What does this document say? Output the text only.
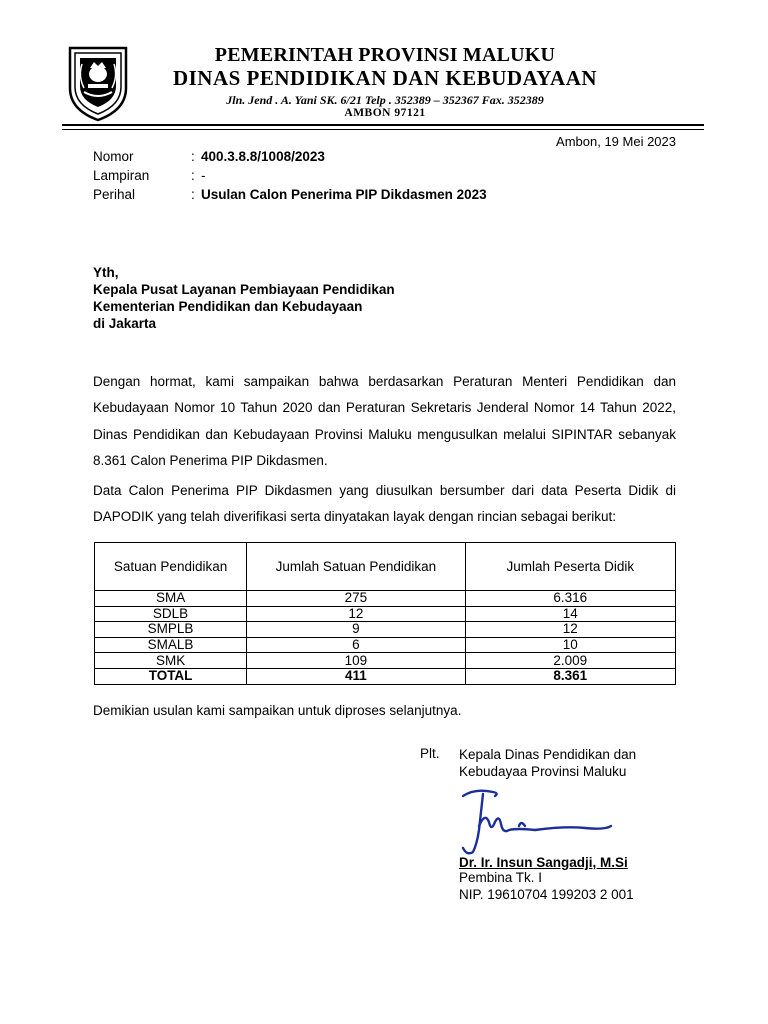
PEMERINTAH PROVINSI MALUKU
DINAS PENDIDIKAN DAN KEBUDAYAAN
Jln. Jend . A. Yani SK. 6/21 Telp . 352389 – 352367 Fax. 352389
AMBON 97121
Ambon, 19 Mei 2023
Nomor	: 400.3.8.8/1008/2023
Lampiran	: -
Perihal	: Usulan Calon Penerima PIP Dikdasmen 2023
Yth,
Kepala Pusat Layanan Pembiayaan Pendidikan
Kementerian Pendidikan dan Kebudayaan
di Jakarta
Dengan hormat, kami sampaikan bahwa berdasarkan Peraturan Menteri Pendidikan dan Kebudayaan Nomor 10 Tahun 2020 dan Peraturan Sekretaris Jenderal Nomor 14 Tahun 2022, Dinas Pendidikan dan Kebudayaan Provinsi Maluku mengusulkan melalui SIPINTAR sebanyak 8.361 Calon Penerima PIP Dikdasmen.
Data Calon Penerima PIP Dikdasmen yang diusulkan bersumber dari data Peserta Didik di DAPODIK yang telah diverifikasi serta dinyatakan layak dengan rincian sebagai berikut:
Satuan Pendidikan	Jumlah Satuan Pendidikan	Jumlah Peserta Didik
SMA	275	6.316
SDLB	12	14
SMPLB	9	12
SMALB	6	10
SMK	109	2.009
TOTAL	411	8.361
Demikian usulan kami sampaikan untuk diproses selanjutnya.
Plt. Kepala Dinas Pendidikan dan
Kebudayaa Provinsi Maluku
Dr. Ir. Insun Sangadji, M.Si
Pembina Tk. I
NIP. 19610704 199203 2 001
